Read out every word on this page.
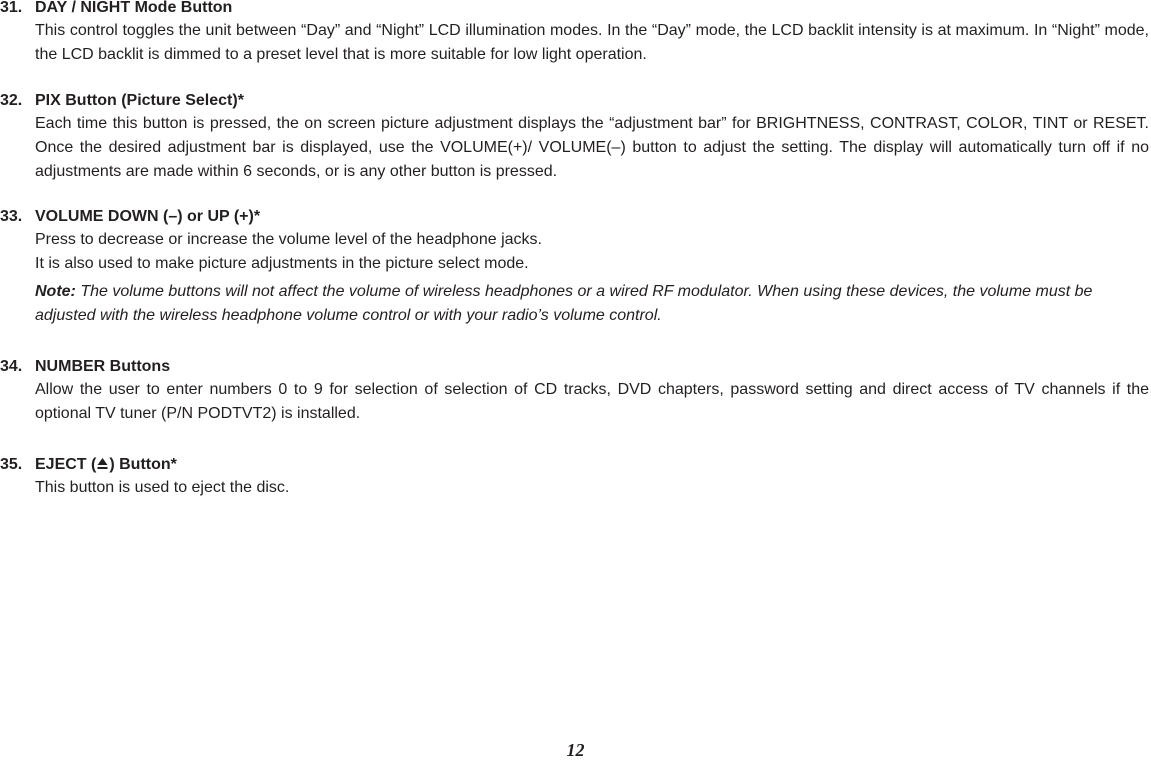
31. DAY / NIGHT Mode Button

This control toggles the unit between “Day” and “Night” LCD illumination modes. In the “Day” mode, the LCD backlit intensity is at maximum. In “Night” mode, the LCD backlit is dimmed to a preset level that is more suitable for low light operation.

32. PIX Button (Picture Select)*

Each time this button is pressed, the on screen picture adjustment displays the “adjustment bar” for BRIGHTNESS, CONTRAST, COLOR, TINT or RESET. Once the desired adjustment bar is displayed, use the VOLUME(+)/ VOLUME(–) button to adjust the setting. The display will automatically turn off if no adjustments are made within 6 seconds, or is any other button is pressed.

33. VOLUME DOWN (–) or UP (+)*

Press to decrease or increase the volume level of the headphone jacks.

It is also used to make picture adjustments in the picture select mode.

Note: The volume buttons will not affect the volume of wireless headphones or a wired RF modulator. When using these devices, the volume must be adjusted with the wireless headphone volume control or with your radio’s volume control.

34. NUMBER Buttons

Allow the user to enter numbers 0 to 9 for selection of selection of CD tracks, DVD chapters, password setting and direct access of TV channels if the optional TV tuner (P/N PODTVT2) is installed.

35. EJECT ( ) Button*

This button is used to eject the disc.

12
